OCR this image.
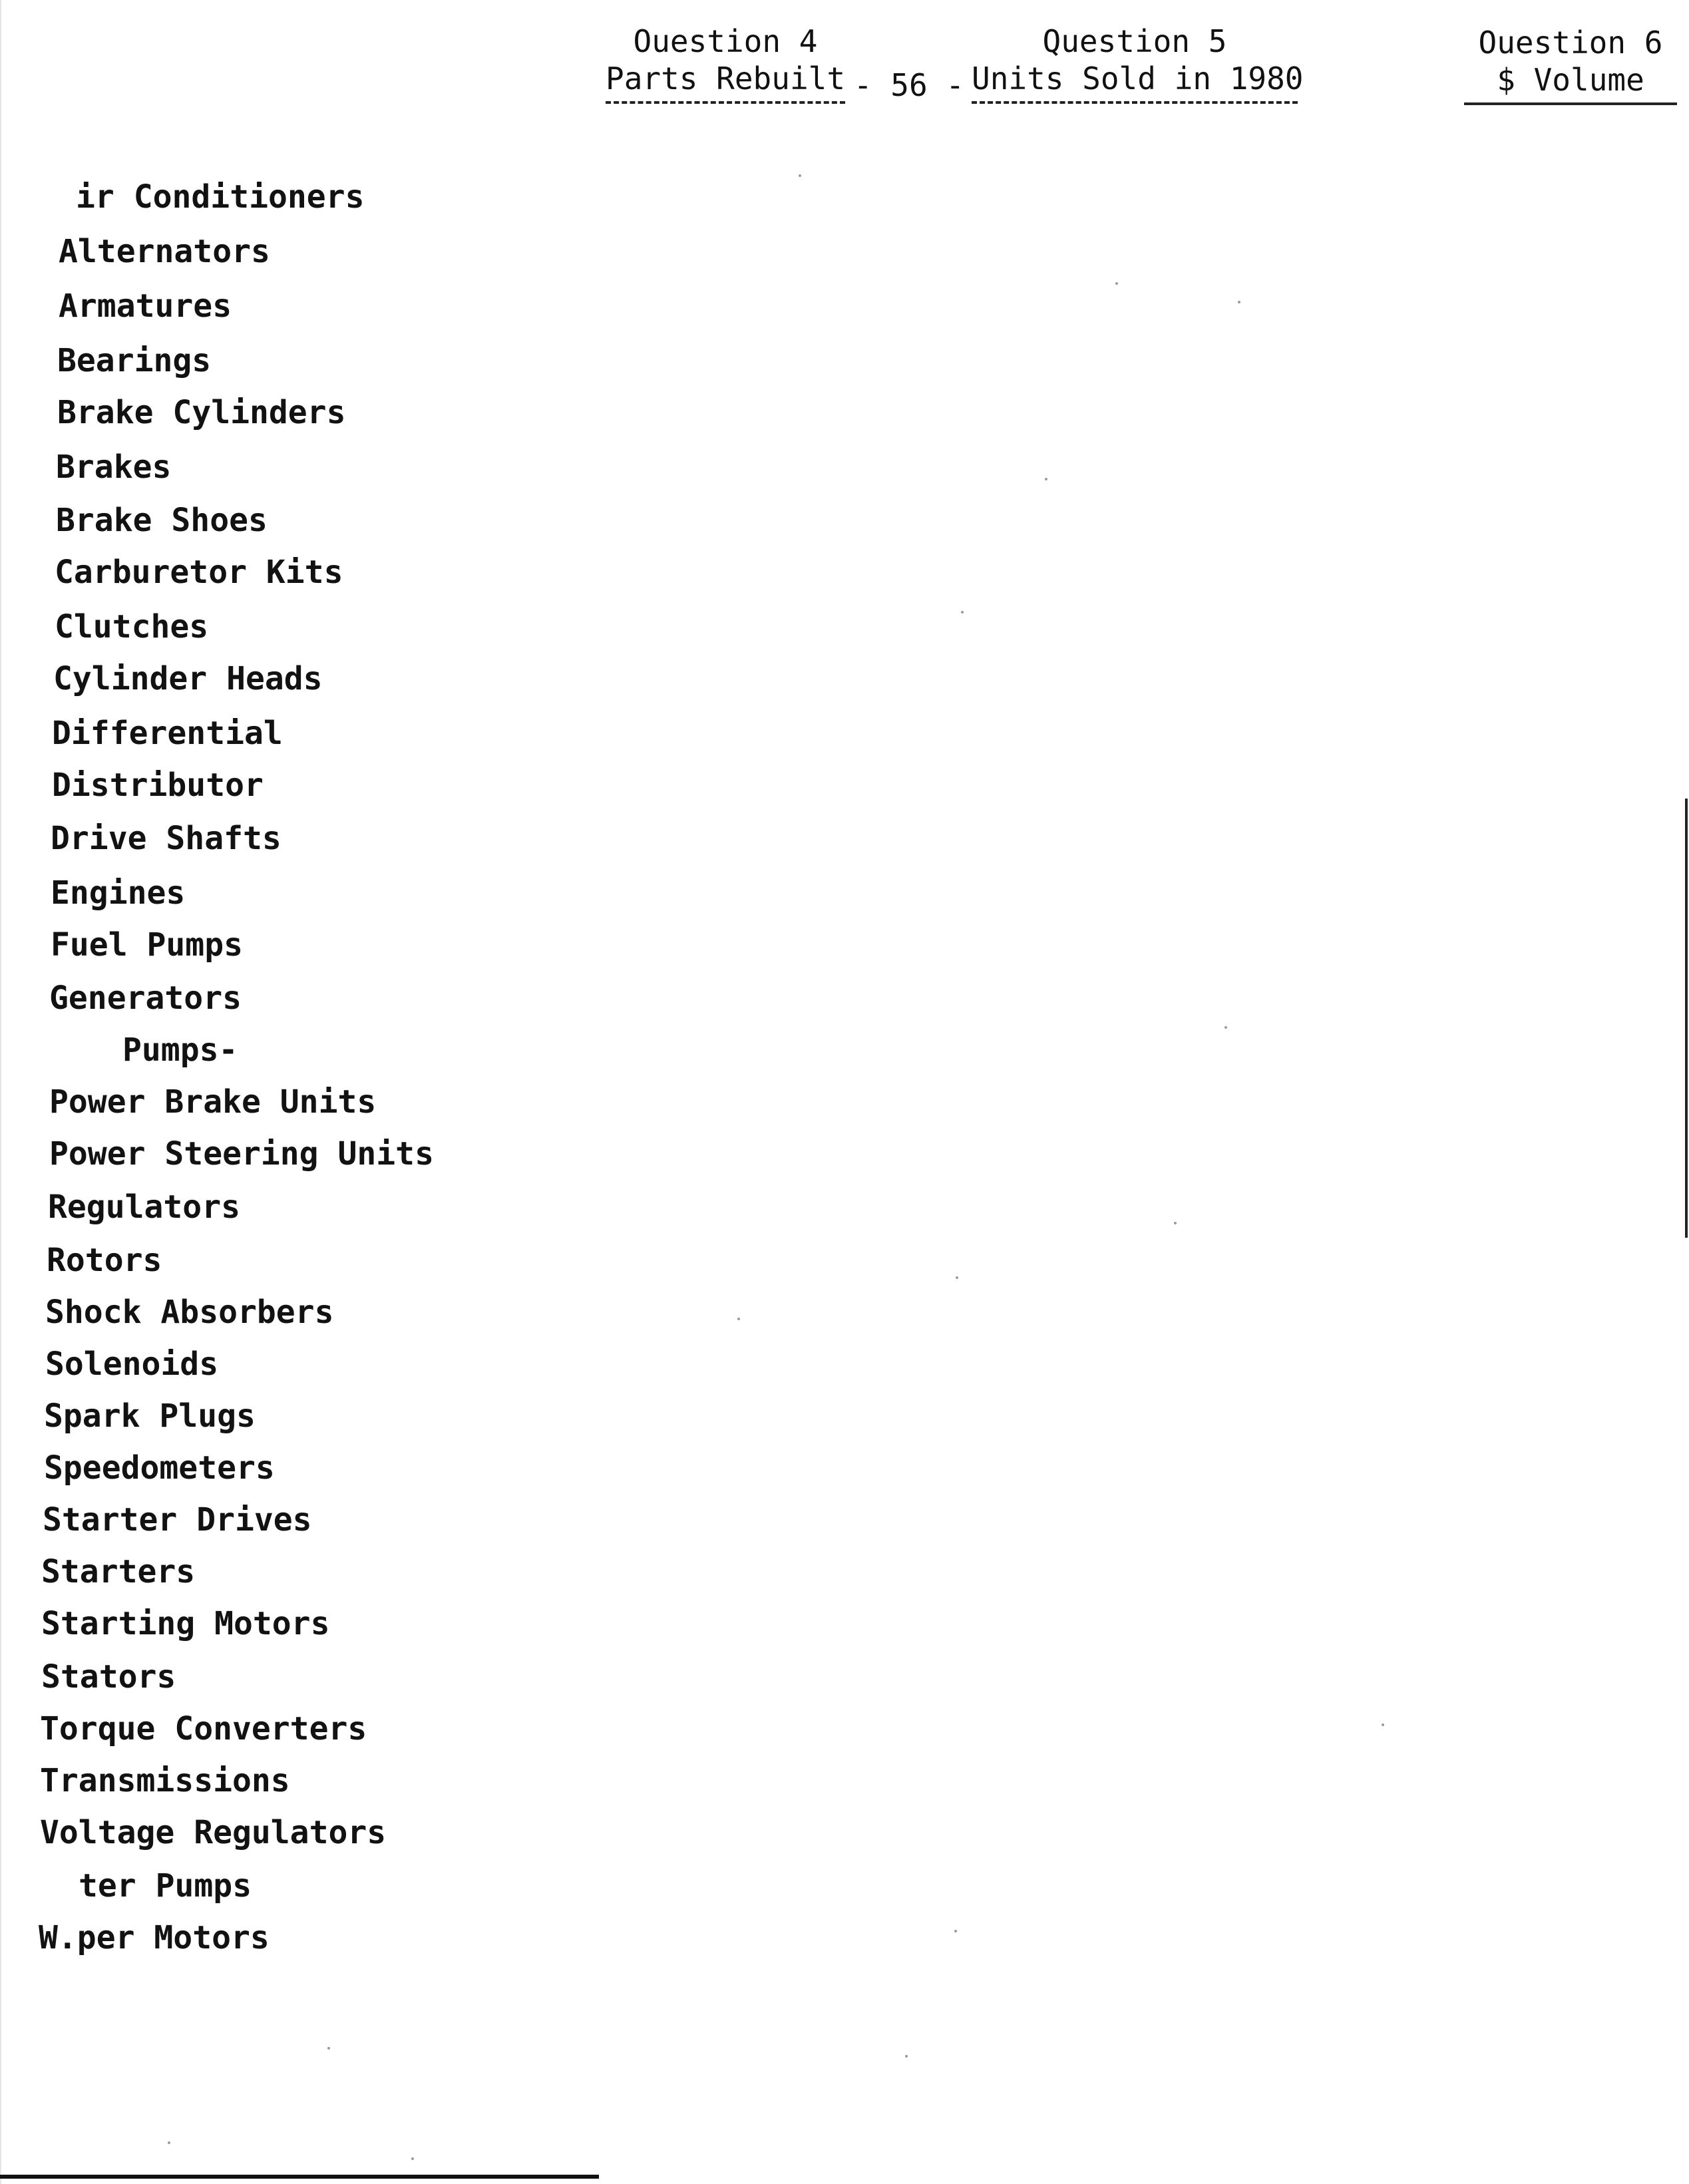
Ouestion 4
Parts Rebuilt - 56 -
Question 5
Units Sold in 1980
Ouestion 6
$ Volume
ir Conditioners
Alternators
Armatures
Bearings
Brake Cylinders
Brakes
Brake Shoes
Carburetor Kits
Clutches
Cylinder Heads
Differential
Distributor
Drive Shafts
Engines
Fuel Pumps
Generators
Pumps-
Power Brake Units
Power Steering Units
Regulators
Rotors
Shock Absorbers
Solenoids
Spark Plugs
Speedometers
Starter Drives
Starters
Starting Motors
Stators
Torque Converters
Transmissions
Voltage Regulators
ter Pumps
W.per Motors
